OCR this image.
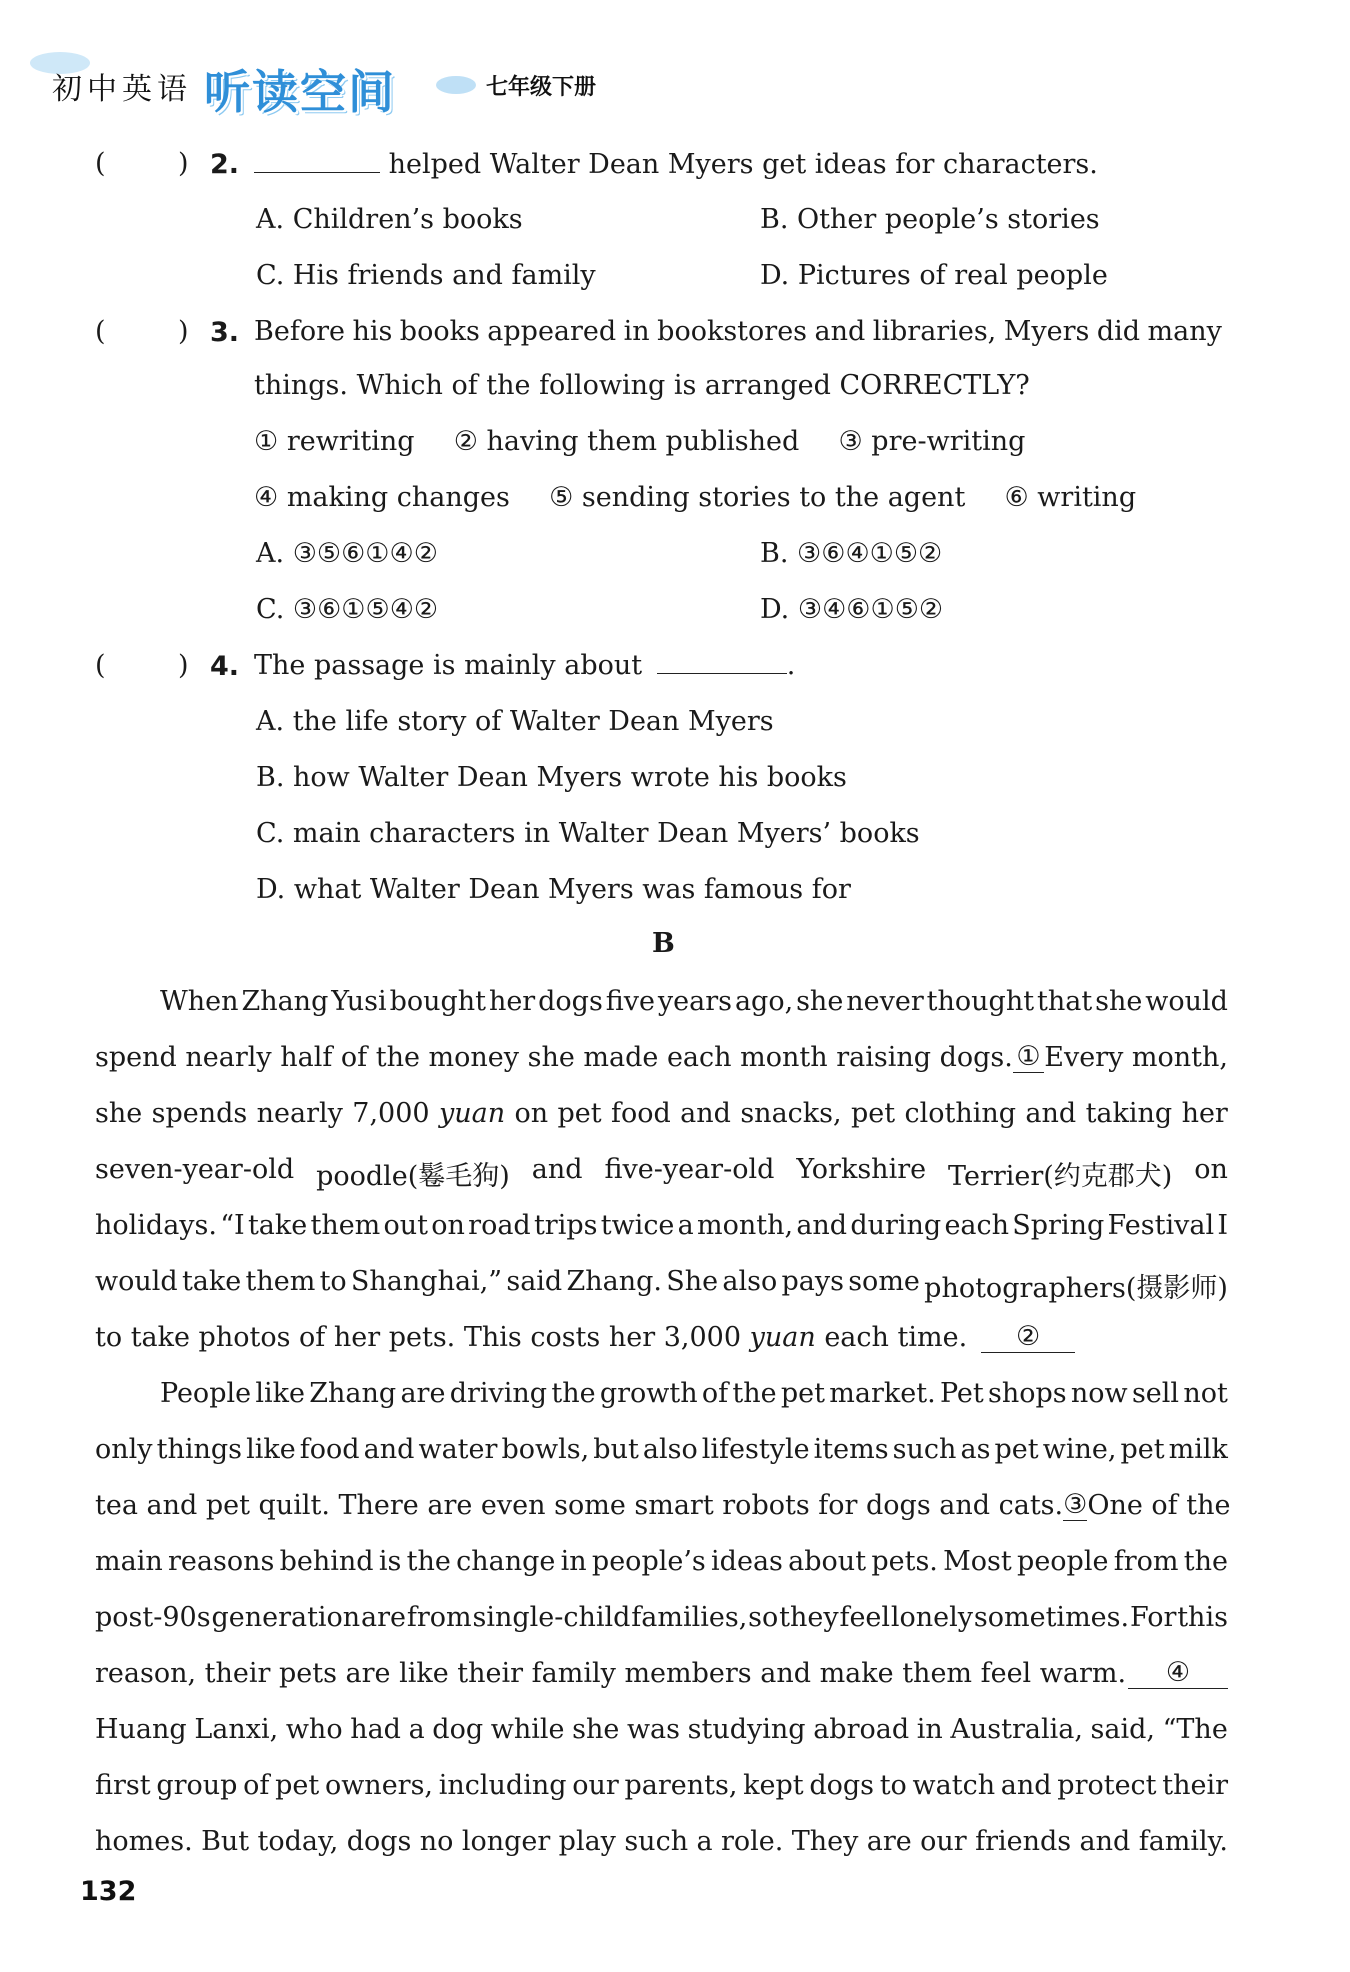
初中英语 听读空间	七年级下册
(	) 2.	helped Walter Dean Myers get ideas for characters.
A. Children’s books	B. Other people’s stories
C. His friends and family	D. Pictures of real people
(	) 3. Before his books appeared in bookstores and libraries, Myers did many
things. Which of the following is arranged CORRECTLY?
① rewriting ② having them published ③ pre-writing
④ making changes ⑤ sending stories to the agent ⑥ writing
A. ③⑤⑥①④②	B. ③⑥④①⑤②
C. ③⑥①⑤④②	D. ③④⑥①⑤②
(	) 4. The passage is mainly about	.
A. the life story of Walter Dean Myers
B. how Walter Dean Myers wrote his books
C. main characters in Walter Dean Myers’ books
D. what Walter Dean Myers was famous for
B
When Zhang Yusi bought her dogs five years ago, she never thought that she would
spend nearly half of the money she made each month raising dogs. ① Every month,
she spends nearly 7,000 yuan on pet food and snacks, pet clothing and taking her
seven-year-old poodle(鬈毛狗) and five-year-old Yorkshire Terrier(约克郡犬) on
holidays. “I take them out on road trips twice a month, and during each Spring Festival I
would take them to Shanghai,” said Zhang. She also pays some photographers(摄影师)
to take photos of her pets. This costs her 3,000
yuan
each time.	②
People like Zhang are driving the growth of the pet market. Pet shops now sell not
only things like food and water bowls, but also lifestyle items such as pet wine, pet milk
tea and pet quilt. There are even some smart robots for dogs and cats. ③ One of the
main reasons behind is the change in people’s ideas about pets. Most people from the
post-90s generation are from single-child families, so they feel lonely sometimes. For this
reason, their pets are like their family members and make them feel warm.	④
Huang Lanxi, who had a dog while she was studying abroad in Australia, said, “The
first group of pet owners, including our parents, kept dogs to watch and protect their
homes. But today, dogs no longer play such a role. They are our friends and family.
132
